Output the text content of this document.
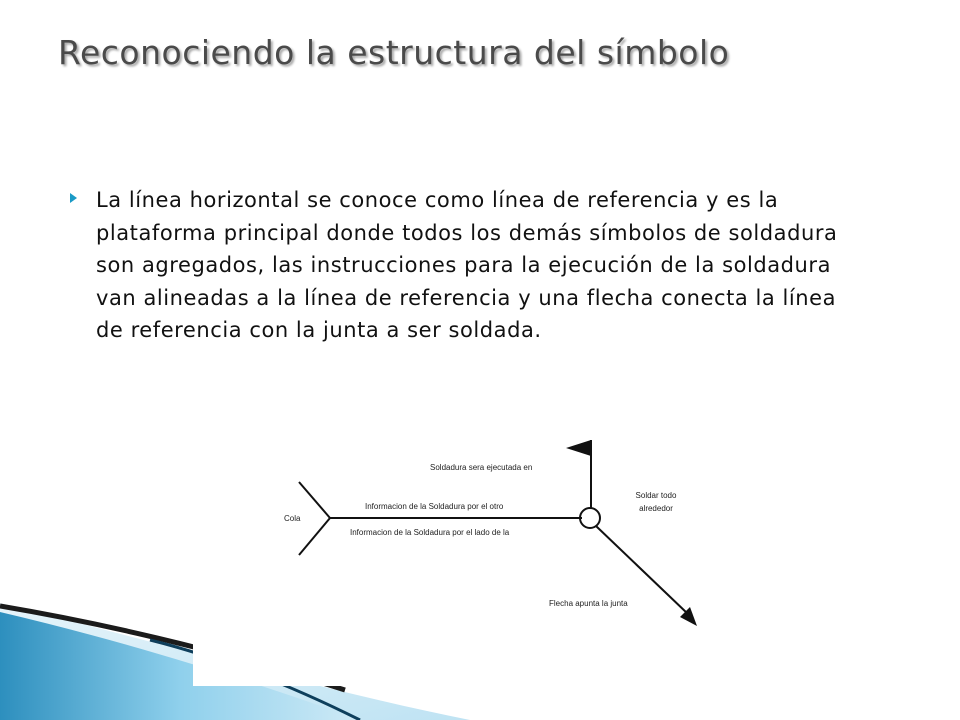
Reconociendo la estructura del símbolo

La línea horizontal se conoce como línea de referencia y es la plataforma principal donde todos los demás símbolos de soldadura son agregados, las instrucciones para la ejecución de la soldadura van alineadas a la línea de referencia y una flecha conecta la línea de referencia con la junta a ser soldada.

Cola
Soldadura sera ejecutada en
Informacion de la Soldadura por el otro
Informacion de la Soldadura por el lado de la
Soldar todo
alrededor
Flecha apunta la junta
